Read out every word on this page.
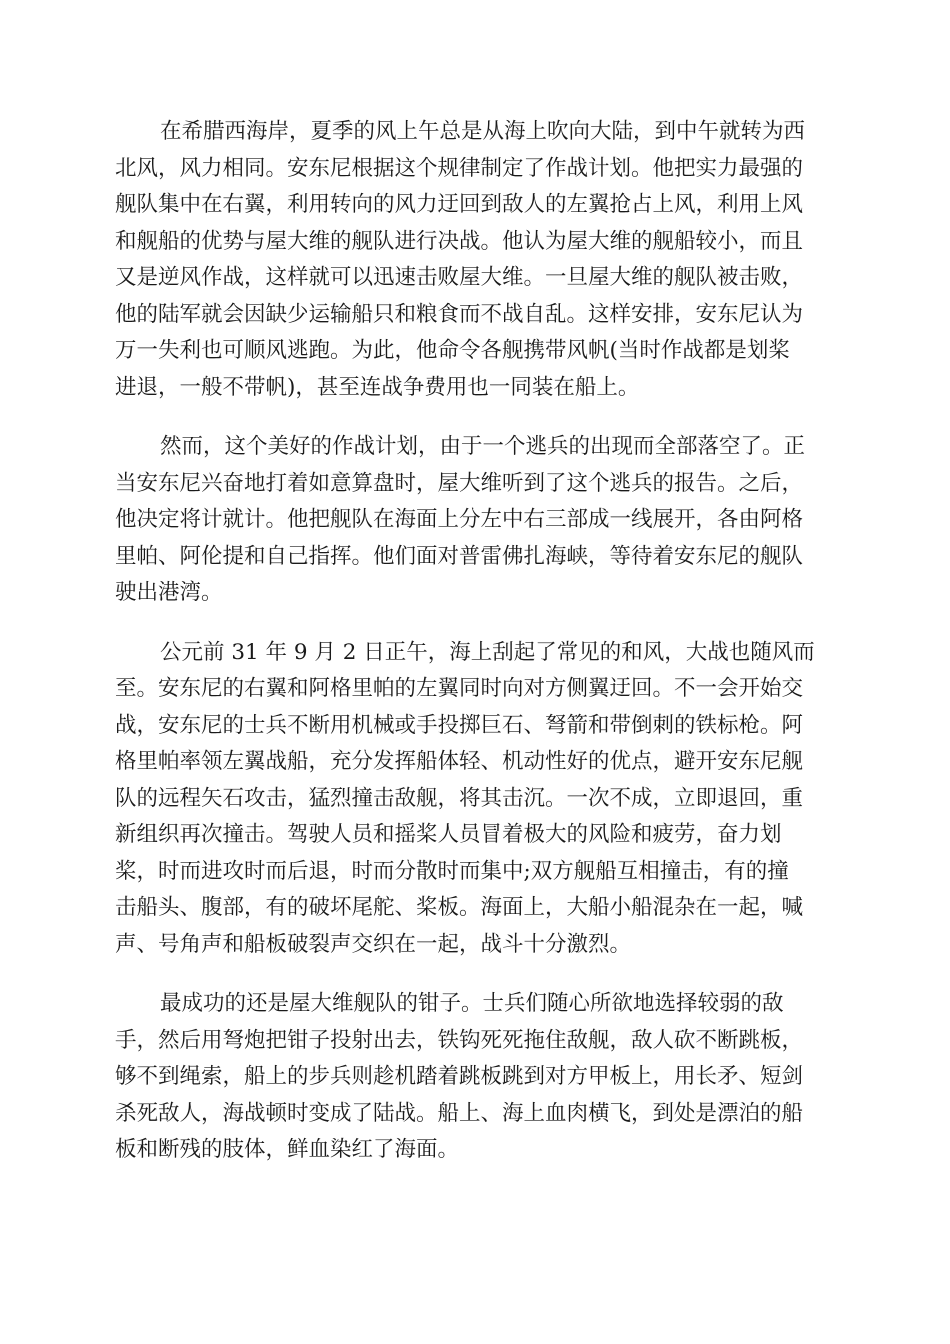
在希腊西海岸，夏季的风上午总是从海上吹向大陆，到中午就转为西
北风，风力相同。安东尼根据这个规律制定了作战计划。他把实力最强的
舰队集中在右翼，利用转向的风力迂回到敌人的左翼抢占上风，利用上风
和舰船的优势与屋大维的舰队进行决战。他认为屋大维的舰船较小，而且
又是逆风作战，这样就可以迅速击败屋大维。一旦屋大维的舰队被击败，
他的陆军就会因缺少运输船只和粮食而不战自乱。这样安排，安东尼认为
万一失利也可顺风逃跑。为此，他命令各舰携带风帆(当时作战都是划桨
进退，一般不带帆)，甚至连战争费用也一同装在船上。

然而，这个美好的作战计划，由于一个逃兵的出现而全部落空了。正
当安东尼兴奋地打着如意算盘时，屋大维听到了这个逃兵的报告。之后，
他决定将计就计。他把舰队在海面上分左中右三部成一线展开，各由阿格
里帕、阿伦提和自己指挥。他们面对普雷佛扎海峡，等待着安东尼的舰队
驶出港湾。

公元前 31 年 9 月 2 日正午，海上刮起了常见的和风，大战也随风而
至。安东尼的右翼和阿格里帕的左翼同时向对方侧翼迂回。不一会开始交
战，安东尼的士兵不断用机械或手投掷巨石、弩箭和带倒刺的铁标枪。阿
格里帕率领左翼战船，充分发挥船体轻、机动性好的优点，避开安东尼舰
队的远程矢石攻击，猛烈撞击敌舰，将其击沉。一次不成，立即退回，重
新组织再次撞击。驾驶人员和摇桨人员冒着极大的风险和疲劳，奋力划
桨，时而进攻时而后退，时而分散时而集中;双方舰船互相撞击，有的撞
击船头、腹部，有的破坏尾舵、桨板。海面上，大船小船混杂在一起，喊
声、号角声和船板破裂声交织在一起，战斗十分激烈。

最成功的还是屋大维舰队的钳子。士兵们随心所欲地选择较弱的敌
手，然后用弩炮把钳子投射出去，铁钩死死拖住敌舰，敌人砍不断跳板，
够不到绳索，船上的步兵则趁机踏着跳板跳到对方甲板上，用长矛、短剑
杀死敌人，海战顿时变成了陆战。船上、海上血肉横飞，到处是漂泊的船
板和断残的肢体，鲜血染红了海面。
